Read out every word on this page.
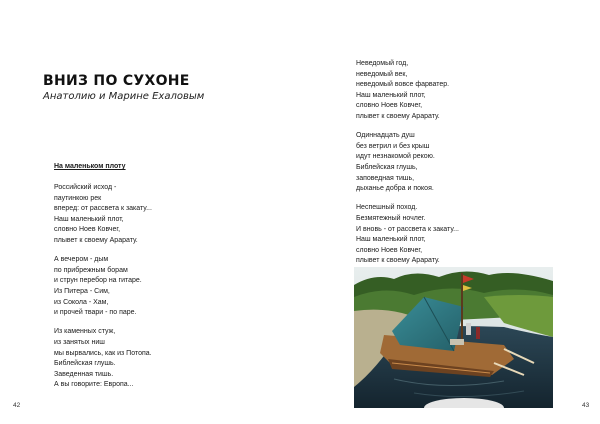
ВНИЗ ПО СУХОНЕ
Анатолию и Марине Ехаловым
На маленьком плоту
Российский исход -
паутинкою рек
вперед: от рассвета к закату...
Наш маленький плот,
словно Ноев Ковчег,
плывет к своему Арарату.
А вечером - дым
по прибрежным борам
и струн перебор на гитаре.
Из Питера - Сим,
из Сокола - Хам,
и прочей твари - по паре.
Из каменных стуж,
из занятых ниш
мы вырвались, как из Потопа.
Библейская глушь.
Заведенная тишь.
А вы говорите: Европа...
42
Неведомый год,
неведомый век,
неведомый вовсе фарватер.
Наш маленький плот,
словно Ноев Ковчег,
плывет к своему Арарату.
Одиннадцать душ
без ветрил и без крыш
идут незнакомой рекою.
Библейская глушь,
заповедная тишь,
дыханье добра и покоя.
Неспешный поход.
Безмятежный ночлег.
И вновь - от рассвета к закату...
Наш маленький плот,
словно Ноев Ковчег,
плывет к своему Арарату.
43
